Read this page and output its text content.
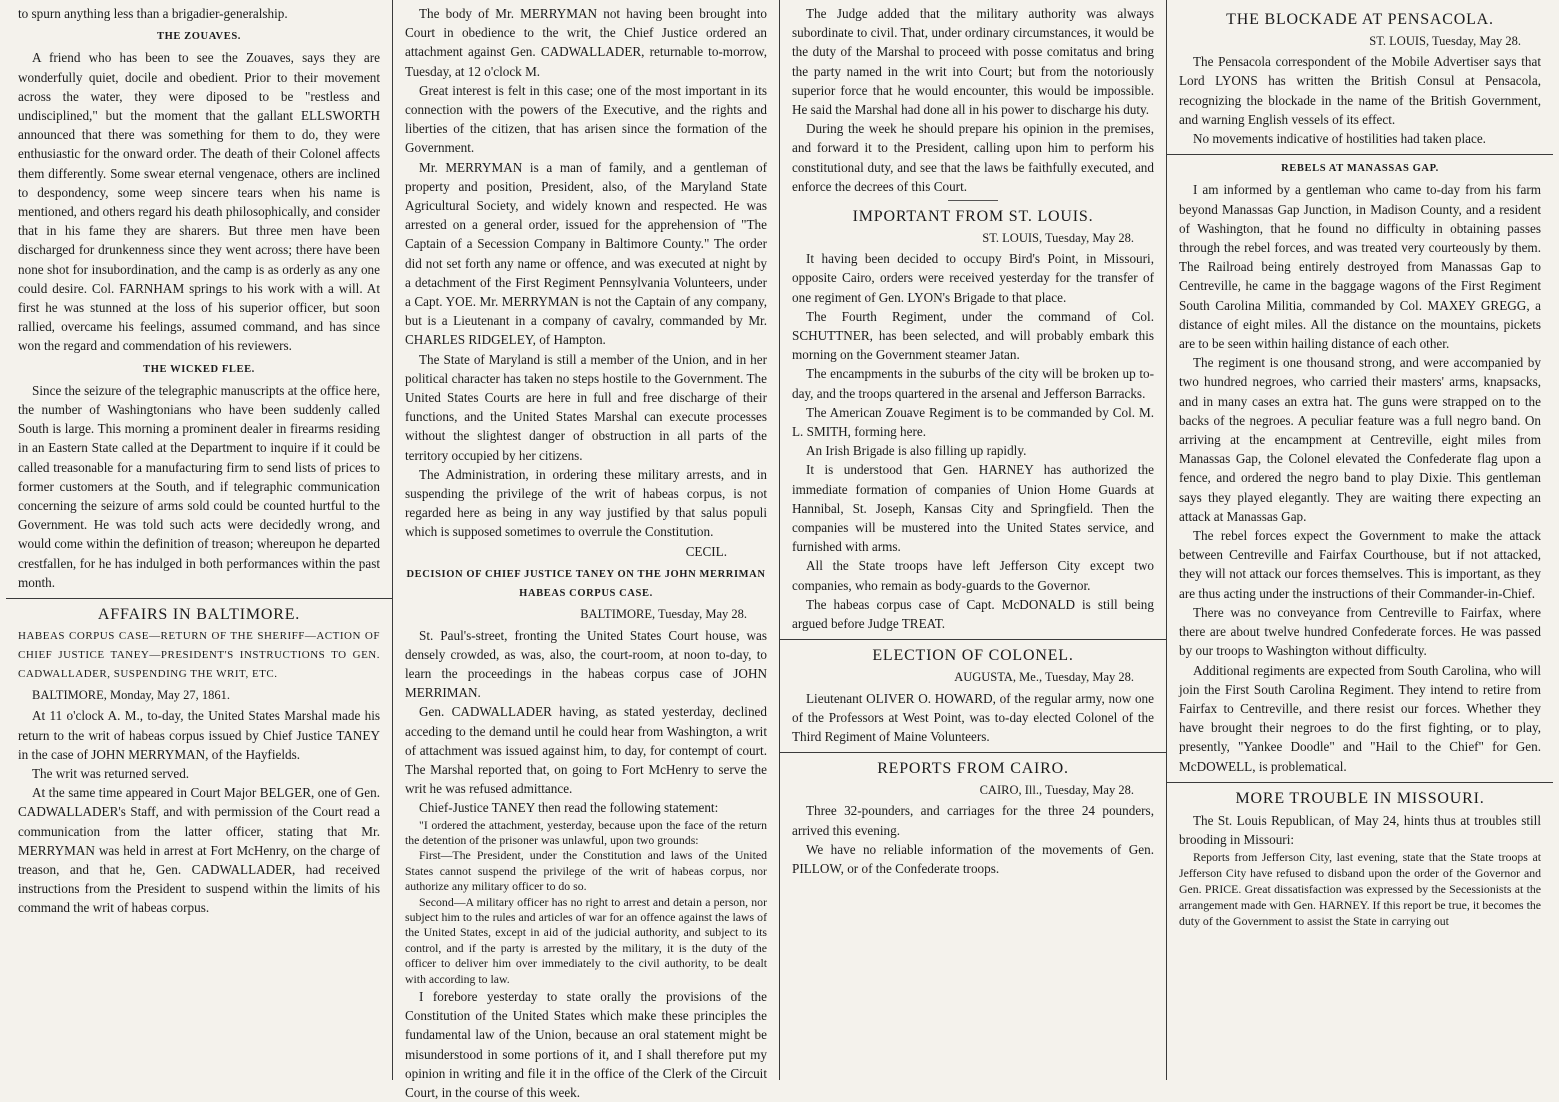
to spurn anything less than a brigadier-generalship.

THE ZOUAVES.

A friend who has been to see the Zouaves, says they are wonderfully quiet, docile and obedient. Prior to their movement across the water, they were diposed to be "restless and undisciplined," but the moment that the gallant ELLSWORTH announced that there was something for them to do, they were enthusiastic for the onward order. The death of their Colonel affects them differently. Some swear eternal vengenace, others are inclined to despondency, some weep sincere tears when his name is mentioned, and others regard his death philosophically, and consider that in his fame they are sharers. But three men have been discharged for drunkenness since they went across; there have been none shot for insubordination, and the camp is as orderly as any one could desire. Col. FARNHAM springs to his work with a will. At first he was stunned at the loss of his superior officer, but soon rallied, overcame his feelings, assumed command, and has since won the regard and commendation of his reviewers.

THE WICKED FLEE.

Since the seizure of the telegraphic manuscripts at the office here, the number of Washingtonians who have been suddenly called South is large. This morning a prominent dealer in firearms residing in an Eastern State called at the Department to inquire if it could be called treasonable for a manufacturing firm to send lists of prices to former customers at the South, and if telegraphic communication concerning the seizure of arms sold could be counted hurtful to the Government. He was told such acts were decidedly wrong, and would come within the definition of treason; whereupon he departed crestfallen, for he has indulged in both performances within the past month.

AFFAIRS IN BALTIMORE.
HABEAS CORPUS CASE—RETURN OF THE SHERIFF—ACTION OF CHIEF JUSTICE TANEY—PRESIDENT'S INSTRUCTIONS TO GEN. CADWALLADER, SUSPENDING THE WRIT, ETC.
BALTIMORE, Monday, May 27, 1861.

At 11 o'clock A. M., to-day, the United States Marshal made his return to the writ of habeas corpus issued by Chief Justice TANEY in the case of JOHN MERRYMAN, of the Hayfields.

The writ was returned served.

At the same time appeared in Court Major BELGER, one of Gen. CADWALLADER's Staff, and with permission of the Court read a communication from the latter officer, stating that Mr. MERRYMAN was held in arrest at Fort McHenry, on the charge of treason, and that he, Gen. CADWALLADER, had received instructions from the President to suspend within the limits of his command the writ of habeas corpus.

The body of Mr. MERRYMAN not having been brought into Court in obedience to the writ, the Chief Justice ordered an attachment against Gen. CADWALLADER, returnable to-morrow, Tuesday, at 12 o'clock M.

Great interest is felt in this case; one of the most important in its connection with the powers of the Executive, and the rights and liberties of the citizen, that has arisen since the formation of the Government.

Mr. MERRYMAN is a man of family, and a gentleman of property and position, President, also, of the Maryland State Agricultural Society, and widely known and respected. He was arrested on a general order, issued for the apprehension of "The Captain of a Secession Company in Baltimore County." The order did not set forth any name or offence, and was executed at night by a detachment of the First Regiment Pennsylvania Volunteers, under a Capt. YOE. Mr. MERRYMAN is not the Captain of any company, but is a Lieutenant in a company of cavalry, commanded by Mr. CHARLES RIDGELEY, of Hampton.

The State of Maryland is still a member of the Union, and in her political character has taken no steps hostile to the Government. The United States Courts are here in full and free discharge of their functions, and the United States Marshal can execute processes without the slightest danger of obstruction in all parts of the territory occupied by her citizens.

The Administration, in ordering these military arrests, and in suspending the privilege of the writ of habeas corpus, is not regarded here as being in any way justified by that salus populi which is supposed sometimes to overrule the Constitution.

CECIL.
DECISION OF CHIEF JUSTICE TANEY ON THE JOHN MERRIMAN HABEAS CORPUS CASE.
BALTIMORE, Tuesday, May 28.

St. Paul's-street, fronting the United States Court house, was densely crowded, as was, also, the court-room, at noon to-day, to learn the proceedings in the habeas corpus case of JOHN MERRIMAN.

Gen. CADWALLADER having, as stated yesterday, declined acceding to the demand until he could hear from Washington, a writ of attachment was issued against him, to day, for contempt of court. The Marshal reported that, on going to Fort McHenry to serve the writ he was refused admittance.

Chief-Justice TANEY then read the following statement:

"I ordered the attachment, yesterday, because upon the face of the return the detention of the prisoner was unlawful, upon two grounds:

First—The President, under the Constitution and laws of the United States cannot suspend the privilege of the writ of habeas corpus, nor authorize any military officer to do so.

Second—A military officer has no right to arrest and detain a person, nor subject him to the rules and articles of war for an offence against the laws of the United States, except in aid of the judicial authority, and subject to its control, and if the party is arrested by the military, it is the duty of the officer to deliver him over immediately to the civil authority, to be dealt with according to law.

I forebore yesterday to state orally the provisions of the Constitution of the United States which make these principles the fundamental law of the Union, because an oral statement might be misunderstood in some portions of it, and I shall therefore put my opinion in writing and file it in the office of the Clerk of the Circuit Court, in the course of this week.

The Judge added that the military authority was always subordinate to civil. That, under ordinary circumstances, it would be the duty of the Marshal to proceed with posse comitatus and bring the party named in the writ into Court; but from the notoriously superior force that he would encounter, this would be impossible. He said the Marshal had done all in his power to discharge his duty.

During the week he should prepare his opinion in the premises, and forward it to the President, calling upon him to perform his constitutional duty, and see that the laws be faithfully executed, and enforce the decrees of this Court.

IMPORTANT FROM ST. LOUIS.
ST. LOUIS, Tuesday, May 28.

It having been decided to occupy Bird's Point, in Missouri, opposite Cairo, orders were received yesterday for the transfer of one regiment of Gen. LYON's Brigade to that place.

The Fourth Regiment, under the command of Col. SCHUTTNER, has been selected, and will probably embark this morning on the Government steamer Jatan.

The encampments in the suburbs of the city will be broken up to-day, and the troops quartered in the arsenal and Jefferson Barracks.

The American Zouave Regiment is to be commanded by Col. M. L. SMITH, forming here.

An Irish Brigade is also filling up rapidly.

It is understood that Gen. HARNEY has authorized the immediate formation of companies of Union Home Guards at Hannibal, St. Joseph, Kansas City and Springfield. Then the companies will be mustered into the United States service, and furnished with arms.

All the State troops have left Jefferson City except two companies, who remain as body-guards to the Governor.

The habeas corpus case of Capt. McDONALD is still being argued before Judge TREAT.

ELECTION OF COLONEL.
AUGUSTA, Me., Tuesday, May 28.

Lieutenant OLIVER O. HOWARD, of the regular army, now one of the Professors at West Point, was to-day elected Colonel of the Third Regiment of Maine Volunteers.

REPORTS FROM CAIRO.
CAIRO, Ill., Tuesday, May 28.

Three 32-pounders, and carriages for the three 24 pounders, arrived this evening.

We have no reliable information of the movements of Gen. PILLOW, or of the Confederate troops.

THE BLOCKADE AT PENSACOLA.
ST. LOUIS, Tuesday, May 28.

The Pensacola correspondent of the Mobile Advertiser says that Lord LYONS has written the British Consul at Pensacola, recognizing the blockade in the name of the British Government, and warning English vessels of its effect.

No movements indicative of hostilities had taken place.

REBELS AT MANASSAS GAP.

I am informed by a gentleman who came to-day from his farm beyond Manassas Gap Junction, in Madison County, and a resident of Washington, that he found no difficulty in obtaining passes through the rebel forces, and was treated very courteously by them. The Railroad being entirely destroyed from Manassas Gap to Centreville, he came in the baggage wagons of the First Regiment South Carolina Militia, commanded by Col. MAXEY GREGG, a distance of eight miles. All the distance on the mountains, pickets are to be seen within hailing distance of each other.

The regiment is one thousand strong, and were accompanied by two hundred negroes, who carried their masters' arms, knapsacks, and in many cases an extra hat. The guns were strapped on to the backs of the negroes. A peculiar feature was a full negro band. On arriving at the encampment at Centreville, eight miles from Manassas Gap, the Colonel elevated the Confederate flag upon a fence, and ordered the negro band to play Dixie. This gentleman says they played elegantly. They are waiting there expecting an attack at Manassas Gap.

The rebel forces expect the Government to make the attack between Centreville and Fairfax Courthouse, but if not attacked, they will not attack our forces themselves. This is important, as they are thus acting under the instructions of their Commander-in-Chief.

There was no conveyance from Centreville to Fairfax, where there are about twelve hundred Confederate forces. He was passed by our troops to Washington without difficulty.

Additional regiments are expected from South Carolina, who will join the First South Carolina Regiment. They intend to retire from Fairfax to Centreville, and there resist our forces. Whether they have brought their negroes to do the first fighting, or to play, presently, "Yankee Doodle" and "Hail to the Chief" for Gen. McDOWELL, is problematical.

MORE TROUBLE IN MISSOURI.

The St. Louis Republican, of May 24, hints thus at troubles still brooding in Missouri:

Reports from Jefferson City, last evening, state that the State troops at Jefferson City have refused to disband upon the order of the Governor and Gen. PRICE. Great dissatisfaction was expressed by the Secessionists at the arrangement made with Gen. HARNEY. If this report be true, it becomes the duty of the Government to assist the State in carrying out
